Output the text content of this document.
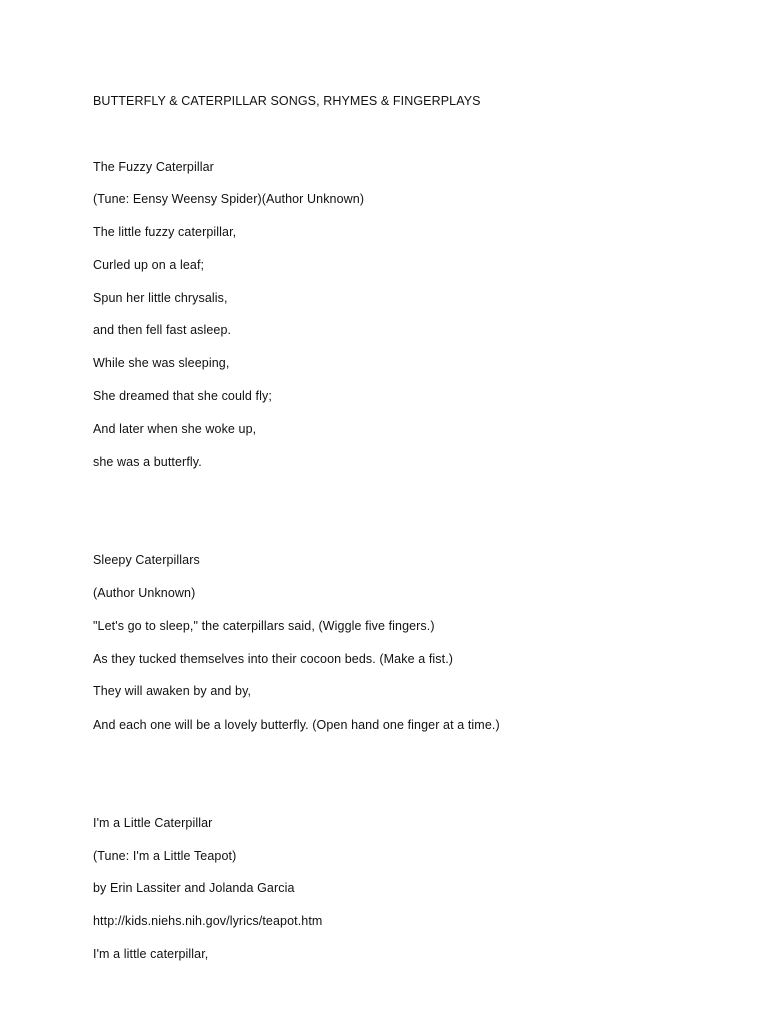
BUTTERFLY & CATERPILLAR SONGS, RHYMES & FINGERPLAYS
The Fuzzy Caterpillar
(Tune: Eensy Weensy Spider)(Author Unknown)
The little fuzzy caterpillar,
Curled up on a leaf;
Spun her little chrysalis,
and then fell fast asleep.
While she was sleeping,
She dreamed that she could fly;
And later when she woke up,
she was a butterfly.
Sleepy Caterpillars
(Author Unknown)
"Let's go to sleep," the caterpillars said, (Wiggle five fingers.)
As they tucked themselves into their cocoon beds. (Make a fist.)
They will awaken by and by,
And each one will be a lovely butterfly. (Open hand one finger at a time.)
I'm a Little Caterpillar
(Tune: I'm a Little Teapot)
by Erin Lassiter and Jolanda Garcia
http://kids.niehs.nih.gov/lyrics/teapot.htm
I'm a little caterpillar,
